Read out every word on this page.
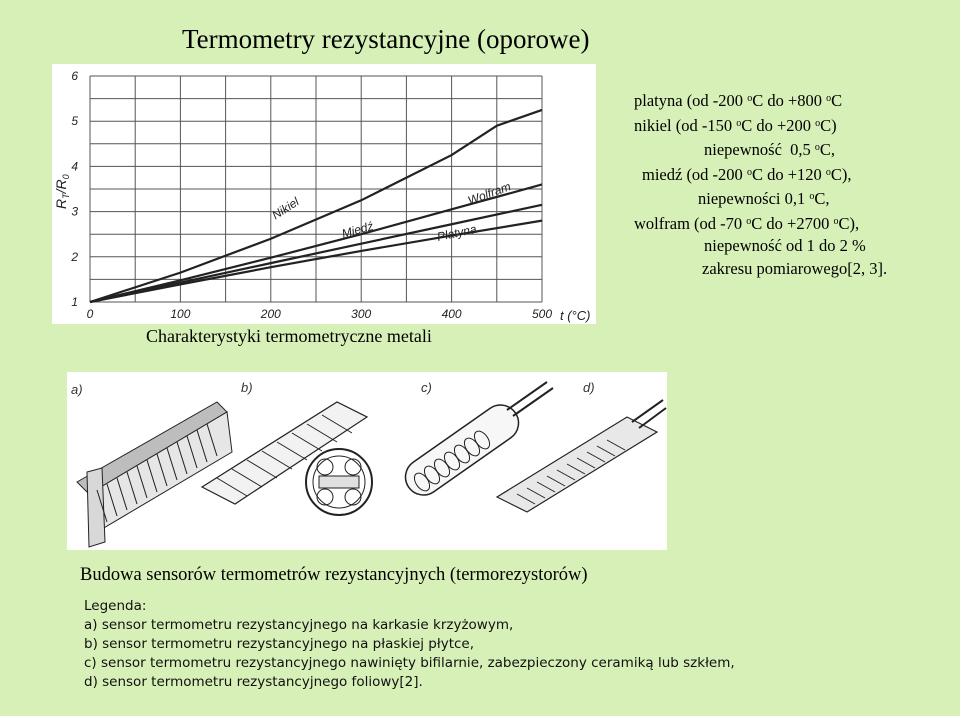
Termometry rezystancyjne (oporowe)
0	100	200	300	400	500
1
2
3
4
5
6
Nikiel
Wolfram
Miedź	Platyna
$R_T/R_0$
t (°C)
Charakterystyki termometryczne metali
platyna (od -200 $^o$C do +800 $^o$C
nikiel (od -150 $^o$C do +200 $^o$C)
niepewność  0,5 $^o$C,
miedź (od -200 $^o$C do +120 $^o$C),
niepewności 0,1 $^o$C,
wolfram (od -70 $^o$C do +2700 $^o$C),
niepewność od 1 do 2 %
zakresu pomiarowego[2, 3].
a)	b)	c)	d)
Budowa sensorów termometrów rezystancyjnych (termorezystorów)
Legenda:
a) sensor termometru rezystancyjnego na karkasie krzyżowym,
b) sensor termometru rezystancyjnego na płaskiej płytce,
c) sensor termometru rezystancyjnego nawinięty bifilarnie, zabezpieczony ceramiką lub szkłem,
d) sensor termometru rezystancyjnego foliowy[2].
